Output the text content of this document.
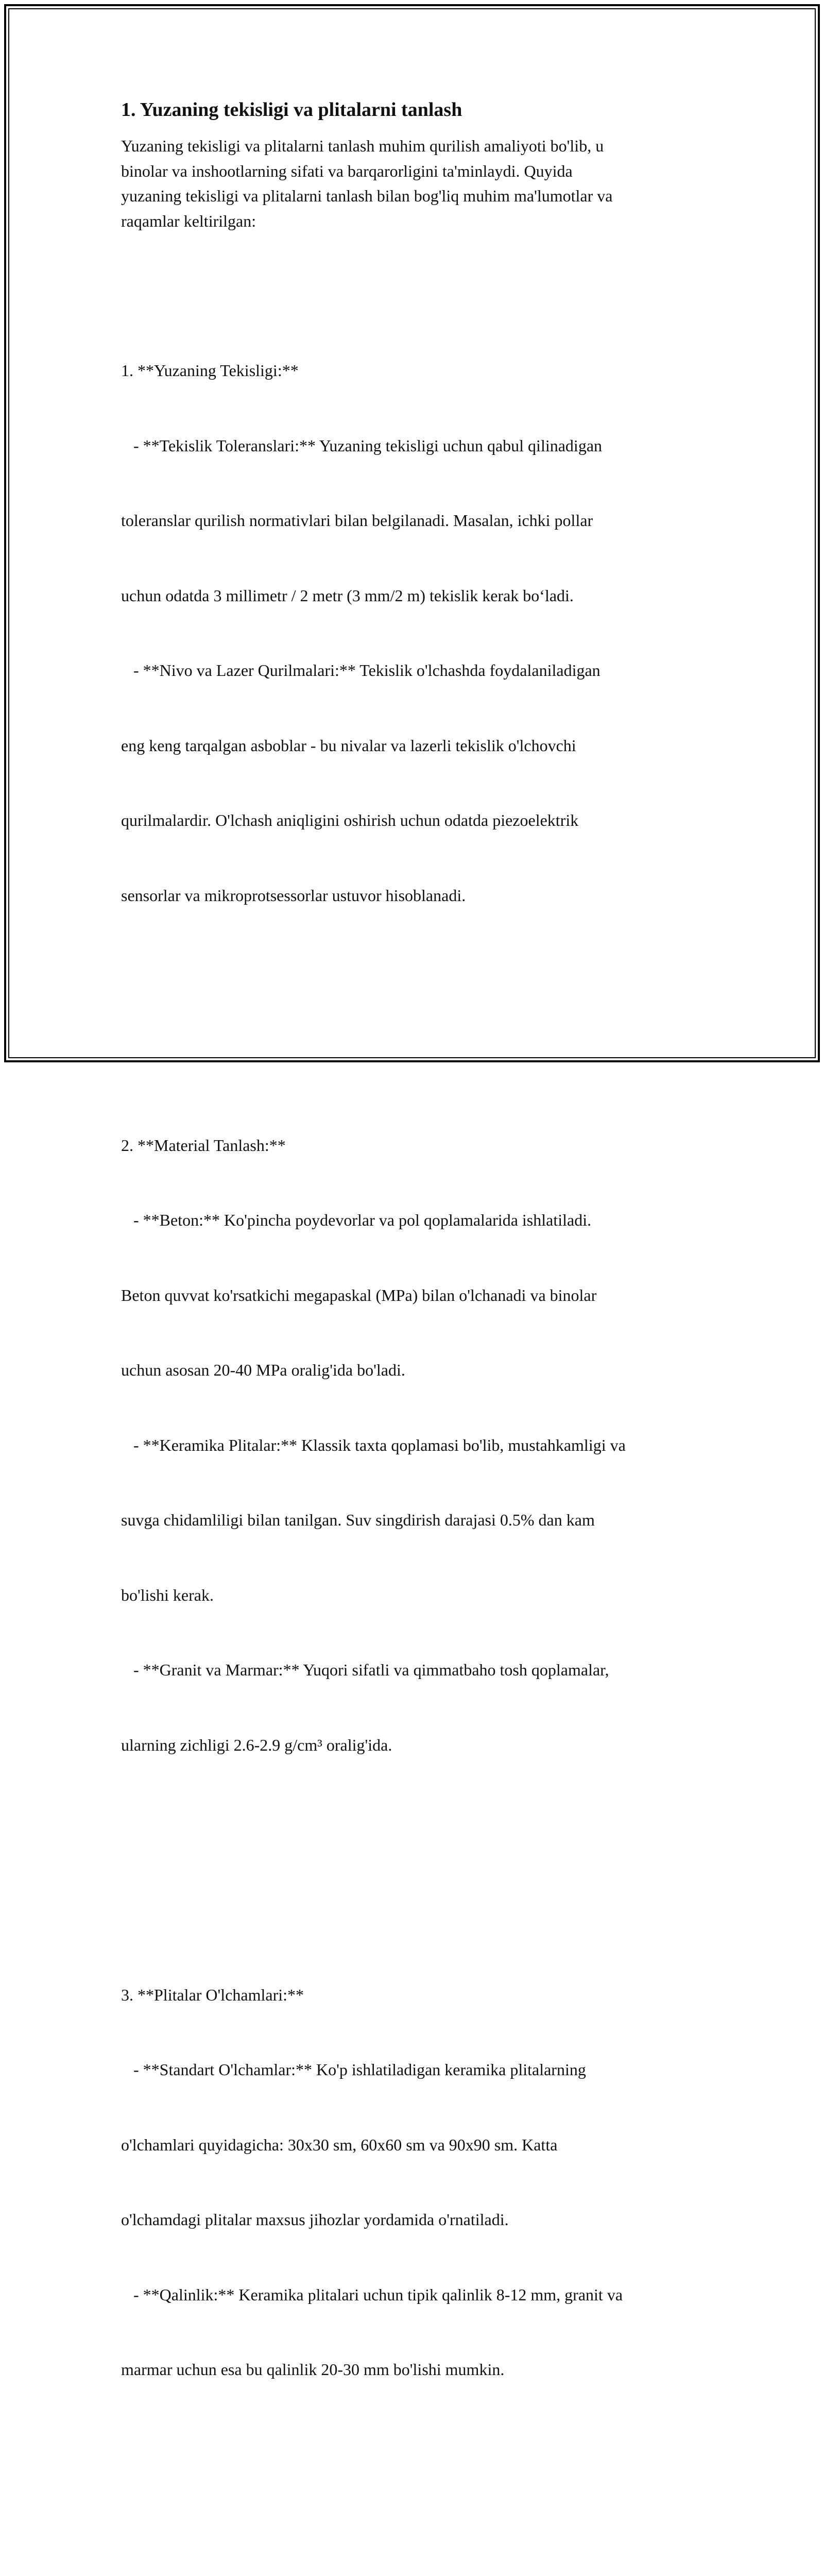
1. Yuzaning tekisligi va plitalarni tanlash
Yuzaning tekisligi va plitalarni tanlash muhim qurilish amaliyoti bo'lib, u
binolar va inshootlarning sifati va barqarorligini ta'minlaydi. Quyida
yuzaning tekisligi va plitalarni tanlash bilan bog'liq muhim ma'lumotlar va
raqamlar keltirilgan:

1. **Yuzaning Tekisligi:**

- **Tekislik Toleranslari:** Yuzaning tekisligi uchun qabul qilinadigan

toleranslar qurilish normativlari bilan belgilanadi. Masalan, ichki pollar

uchun odatda 3 millimetr / 2 metr (3 mm/2 m) tekislik kerak bo‘ladi.

- **Nivo va Lazer Qurilmalari:** Tekislik o'lchashda foydalaniladigan

eng keng tarqalgan asboblar - bu nivalar va lazerli tekislik o'lchovchi

qurilmalardir. O'lchash aniqligini oshirish uchun odatda piezoelektrik

sensorlar va mikroprotsessorlar ustuvor hisoblanadi.

2. **Material Tanlash:**

- **Beton:** Ko'pincha poydevorlar va pol qoplamalarida ishlatiladi.

Beton quvvat ko'rsatkichi megapaskal (MPa) bilan o'lchanadi va binolar

uchun asosan 20-40 MPa oralig'ida bo'ladi.

- **Keramika Plitalar:** Klassik taxta qoplamasi bo'lib, mustahkamligi va

suvga chidamliligi bilan tanilgan. Suv singdirish darajasi 0.5% dan kam

bo'lishi kerak.

- **Granit va Marmar:** Yuqori sifatli va qimmatbaho tosh qoplamalar,

ularning zichligi 2.6-2.9 g/cm³ oralig'ida.

3. **Plitalar O'lchamlari:**

- **Standart O'lchamlar:** Ko'p ishlatiladigan keramika plitalarning

o'lchamlari quyidagicha: 30x30 sm, 60x60 sm va 90x90 sm. Katta

o'lchamdagi plitalar maxsus jihozlar yordamida o'rnatiladi.

- **Qalinlik:** Keramika plitalari uchun tipik qalinlik 8-12 mm, granit va

marmar uchun esa bu qalinlik 20-30 mm bo'lishi mumkin.
